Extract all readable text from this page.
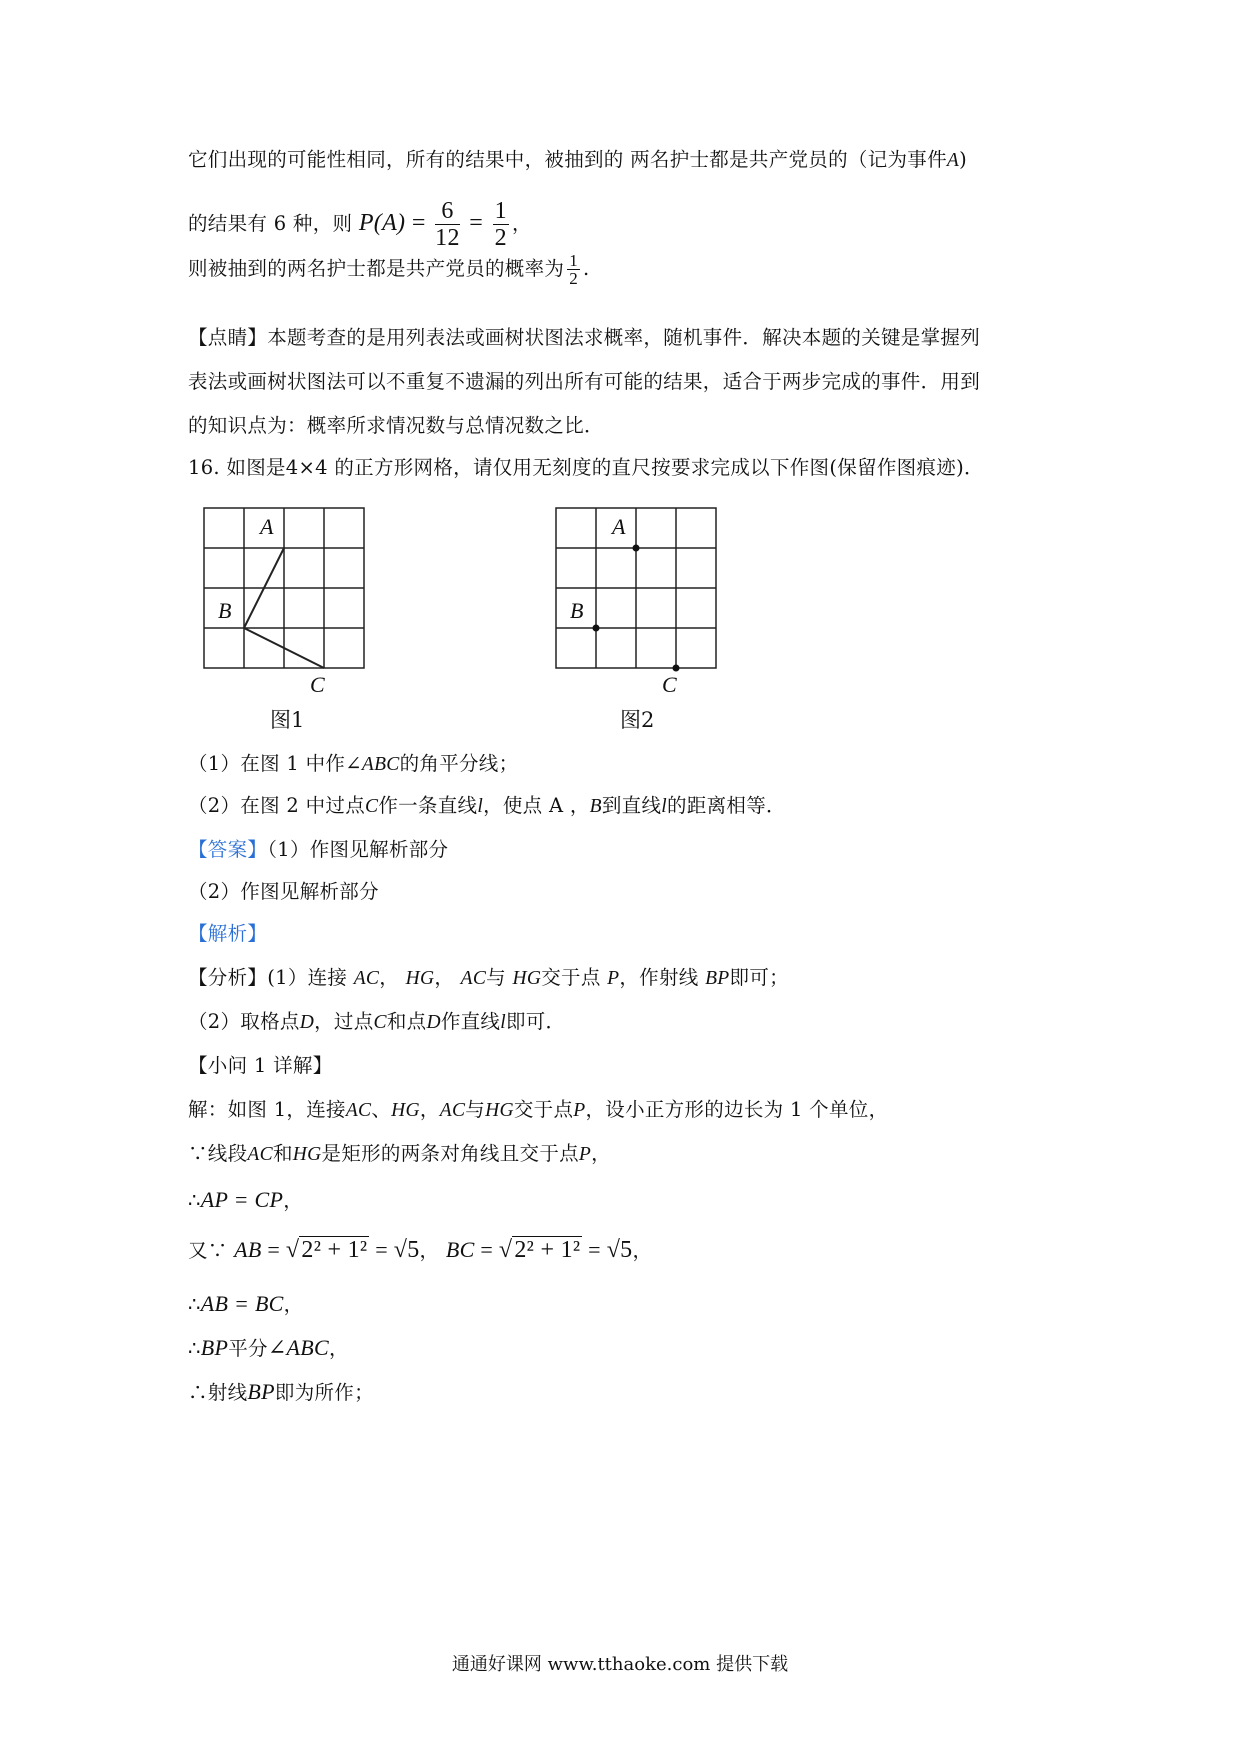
它们出现的可能性相同，所有的结果中，被抽到的 两名护士都是共产党员的（记为事件A)
的结果有 6 种，则 $P(A) = \frac{6}{12} = \frac{1}{2}$ ，
则被抽到的两名护士都是共产党员的概率为 $\frac{1}{2}$ .
【点睛】本题考查的是用列表法或画树状图法求概率，随机事件．解决本题的关键是掌握列
表法或画树状图法可以不重复不遗漏的列出所有可能的结果，适合于两步完成的事件．用到
的知识点为：概率所求情况数与总情况数之比．
16. 如图是4×4 的正方形网格，请仅用无刻度的直尺按要求完成以下作图(保留作图痕迹)．
A
B
C
图1
A
B
C
图2
（1）在图 1 中作∠ABC的角平分线；
（2）在图 2 中过点C作一条直线l，使点 A ，B到直线l的距离相等．
【答案】（1）作图见解析部分
（2）作图见解析部分
【解析】
【分析】(1）连接 AC， HG， AC与 HG交于点 P，作射线 BP即可；
（2）取格点D，过点C和点D作直线l即可．
【小问 1 详解】
解：如图 1，连接AC、HG，AC与HG交于点P，设小正方形的边长为 1 个单位，
∵线段AC和HG是矩形的两条对角线且交于点P，
∴AP = CP，
又∵ AB = √2² + 1² = √5， BC = √2² + 1² = √5，
∴AB = BC，
∴BP平分∠ABC，
∴射线BP即为所作；
通通好课网 www.tthaoke.com 提供下载
